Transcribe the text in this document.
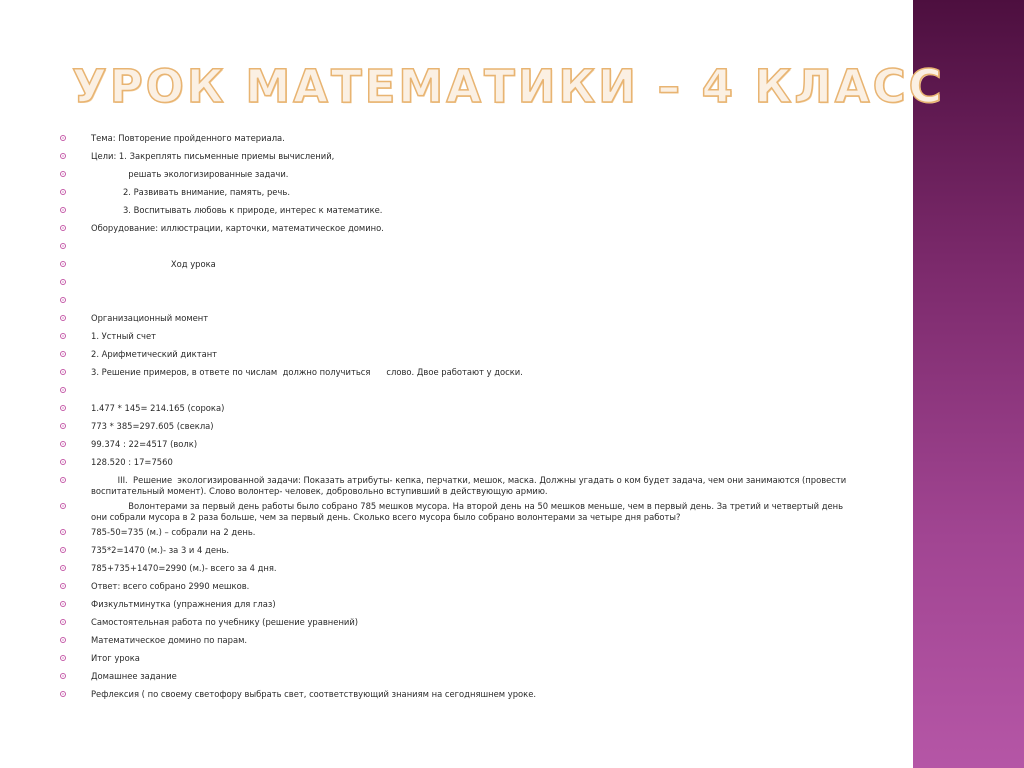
УРОК МАТЕМАТИКИ – 4 КЛАСС
Тема: Повторение пройденного материала.
Цели: 1. Закреплять письменные приемы вычислений,
решать экологизированные задачи.
2. Развивать внимание, память, речь.
3. Воспитывать любовь к природе, интерес к математике.
Оборудование: иллюстрации, карточки, математическое домино.
Ход урока
Организационный момент
1. Устный счет
2. Арифметический диктант
3. Решение примеров, в ответе по числам  должно получиться      слово. Двое работают у доски.
1.477 * 145= 214.165 (сорока)
773 * 385=297.605 (свекла)
99.374 : 22=4517 (волк)
128.520 : 17=7560
III.  Решение  экологизированной задачи: Показать атрибуты- кепка, перчатки, мешок, маска. Должны угадать о ком будет задача, чем они занимаются (провести воспитательный момент). Слово волонтер- человек, добровольно вступивший в действующую армию.
Волонтерами за первый день работы было собрано 785 мешков мусора. На второй день на 50 мешков меньше, чем в первый день. За третий и четвертый день они собрали мусора в 2 раза больше, чем за первый день. Сколько всего мусора было собрано волонтерами за четыре дня работы?
785-50=735 (м.) – собрали на 2 день.
735*2=1470 (м.)- за 3 и 4 день.
785+735+1470=2990 (м.)- всего за 4 дня.
Ответ: всего собрано 2990 мешков.
Физкультминутка (упражнения для глаз)
Самостоятельная работа по учебнику (решение уравнений)
Математическое домино по парам.
Итог урока
Домашнее задание
Рефлексия ( по своему светофору выбрать свет, соответствующий знаниям на сегодняшнем уроке.
